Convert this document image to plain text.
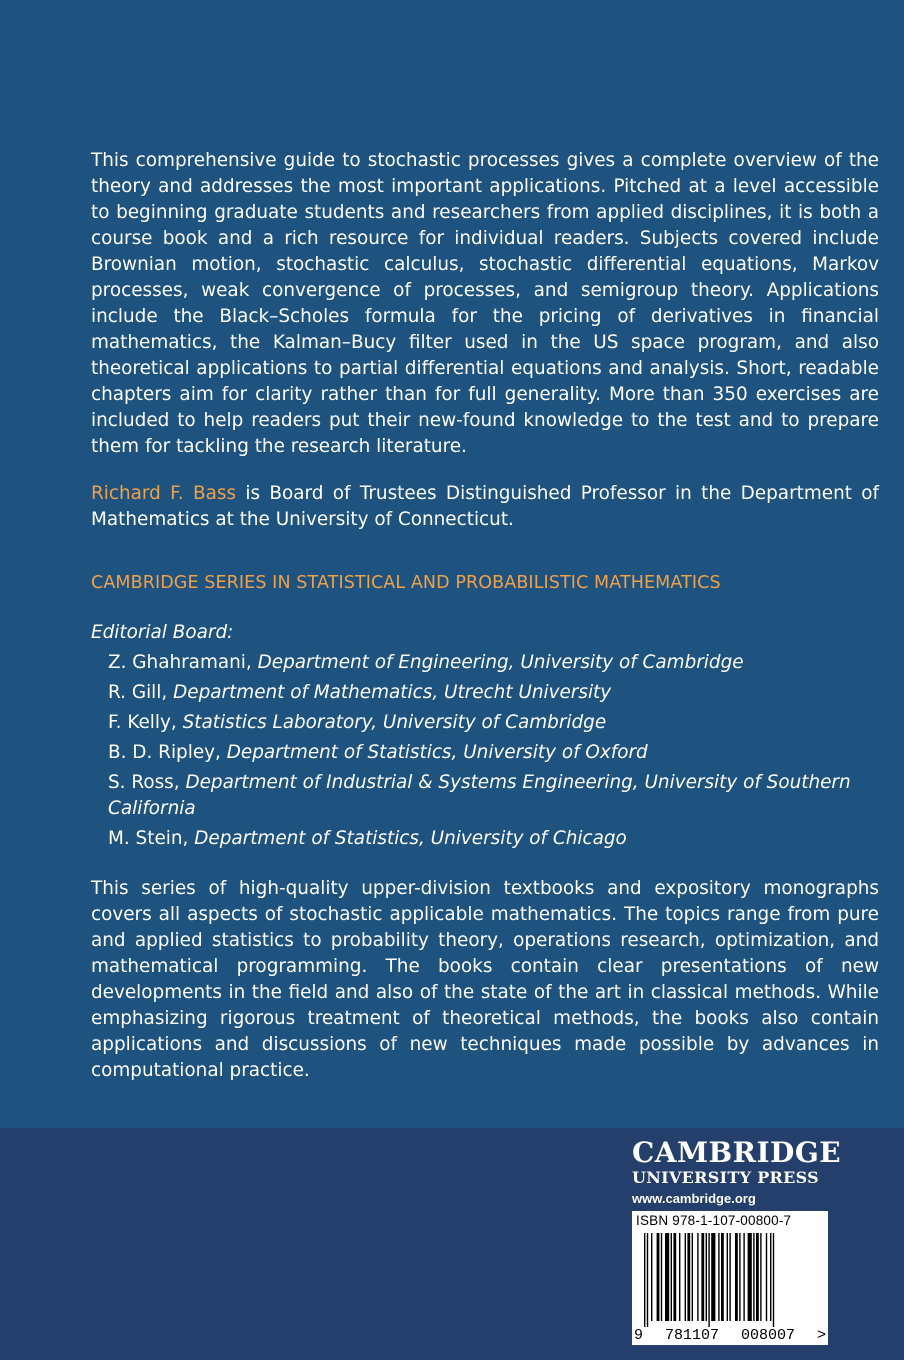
This comprehensive guide to stochastic processes gives a complete overview of the theory and addresses the most important applications. Pitched at a level accessible to beginning graduate students and researchers from applied disciplines, it is both a course book and a rich resource for individual readers. Subjects covered include Brownian motion, stochastic calculus, stochastic differential equations, Markov processes, weak convergence of processes, and semigroup theory. Applications include the Black–Scholes formula for the pricing of derivatives in financial mathematics, the Kalman–Bucy filter used in the US space program, and also theoretical applications to partial differential equations and analysis. Short, readable chapters aim for clarity rather than for full generality. More than 350 exercises are included to help readers put their new-found knowledge to the test and to prepare them for tackling the research literature.

Richard F. Bass is Board of Trustees Distinguished Professor in the Department of Mathematics at the University of Connecticut.

CAMBRIDGE SERIES IN STATISTICAL AND PROBABILISTIC MATHEMATICS

Editorial Board:

Z. Ghahramani, Department of Engineering, University of Cambridge
R. Gill, Department of Mathematics, Utrecht University
F. Kelly, Statistics Laboratory, University of Cambridge
B. D. Ripley, Department of Statistics, University of Oxford
S. Ross, Department of Industrial & Systems Engineering, University of Southern
California
M. Stein, Department of Statistics, University of Chicago

This series of high-quality upper-division textbooks and expository monographs covers all aspects of stochastic applicable mathematics. The topics range from pure and applied statistics to probability theory, operations research, optimization, and mathematical programming. The books contain clear presentations of new developments in the field and also of the state of the art in classical methods. While emphasizing rigorous treatment of theoretical methods, the books also contain applications and discussions of new techniques made possible by advances in computational practice.

CAMBRIDGE
UNIVERSITY PRESS
www.cambridge.org
ISBN 978-1-107-00800-7
9 781107 008007 >
